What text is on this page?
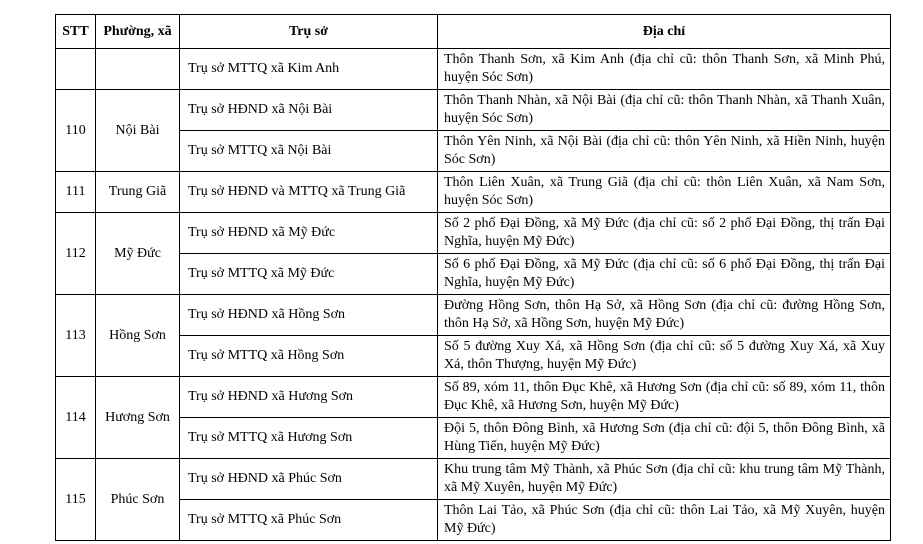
STT	Phường, xã	Trụ sở	Địa chỉ
		Trụ sở MTTQ xã Kim Anh	Thôn Thanh Sơn, xã Kim Anh (địa chỉ cũ: thôn Thanh Sơn, xã Minh Phú, huyện Sóc Sơn)
110	Nội Bài	Trụ sở HĐND xã Nội Bài	Thôn Thanh Nhàn, xã Nội Bài (địa chỉ cũ: thôn Thanh Nhàn, xã Thanh Xuân, huyện Sóc Sơn)
		Trụ sở MTTQ xã Nội Bài	Thôn Yên Ninh, xã Nội Bài (địa chỉ cũ: thôn Yên Ninh, xã Hiền Ninh, huyện Sóc Sơn)
111	Trung Giã	Trụ sở HĐND và MTTQ xã Trung Giã	Thôn Liên Xuân, xã Trung Giã (địa chỉ cũ: thôn Liên Xuân, xã Nam Sơn, huyện Sóc Sơn)
112	Mỹ Đức	Trụ sở HĐND xã Mỹ Đức	Số 2 phố Đại Đồng, xã Mỹ Đức (địa chỉ cũ: số 2 phố Đại Đồng, thị trấn Đại Nghĩa, huyện Mỹ Đức)
		Trụ sở MTTQ xã Mỹ Đức	Số 6 phố Đại Đồng, xã Mỹ Đức (địa chỉ cũ: số 6 phố Đại Đồng, thị trấn Đại Nghĩa, huyện Mỹ Đức)
113	Hồng Sơn	Trụ sở HĐND xã Hồng Sơn	Đường Hồng Sơn, thôn Hạ Sở, xã Hồng Sơn (địa chỉ cũ: đường Hồng Sơn, thôn Hạ Sở, xã Hồng Sơn, huyện Mỹ Đức)
		Trụ sở MTTQ xã Hồng Sơn	Số 5 đường Xuy Xá, xã Hồng Sơn (địa chỉ cũ: số 5 đường Xuy Xá, xã Xuy Xá, thôn Thượng, huyện Mỹ Đức)
114	Hương Sơn	Trụ sở HĐND xã Hương Sơn	Số 89, xóm 11, thôn Đục Khê, xã Hương Sơn (địa chỉ cũ: số 89, xóm 11, thôn Đục Khê, xã Hương Sơn, huyện Mỹ Đức)
		Trụ sở MTTQ xã Hương Sơn	Đội 5, thôn Đông Bình, xã Hương Sơn (địa chỉ cũ: đội 5, thôn Đông Bình, xã Hùng Tiến, huyện Mỹ Đức)
115	Phúc Sơn	Trụ sở HĐND xã Phúc Sơn	Khu trung tâm Mỹ Thành, xã Phúc Sơn (địa chỉ cũ: khu trung tâm Mỹ Thành, xã Mỹ Xuyên, huyện Mỹ Đức)
		Trụ sở MTTQ xã Phúc Sơn	Thôn Lai Tảo, xã Phúc Sơn (địa chỉ cũ: thôn Lai Tảo, xã Mỹ Xuyên, huyện Mỹ Đức)
